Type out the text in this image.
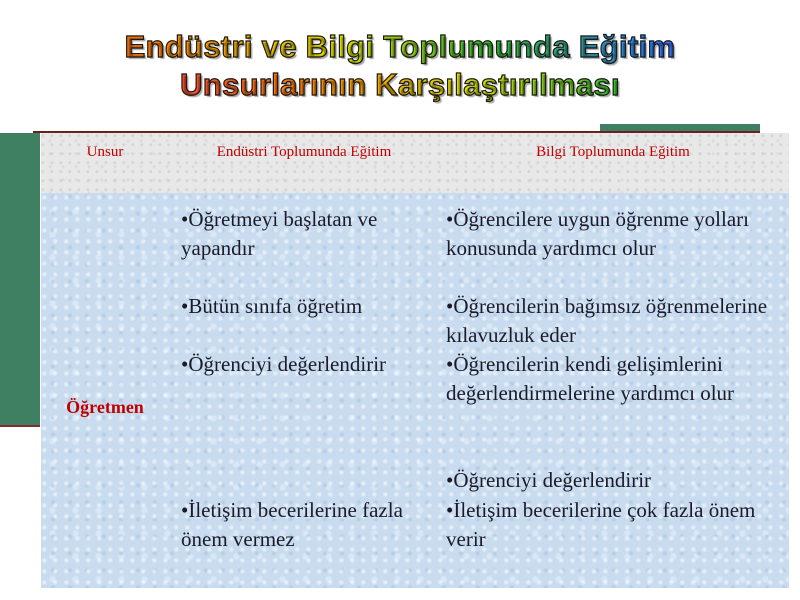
Endüstri ve Bilgi Toplumunda Eğitim
Unsurlarının Karşılaştırılması
Unsur	Endüstri Toplumunda Eğitim	Bilgi Toplumunda Eğitim
Öğretmen

•Öğretmeyi başlatan ve yapandır

•Bütün sınıfa öğretim

•Öğrenciyi değerlendirir

•İletişim becerilerine fazla önem vermez

•Öğrencilere uygun öğrenme yolları konusunda yardımcı olur

•Öğrencilerin bağımsız öğrenmelerine kılavuzluk eder

•Öğrencilerin kendi gelişimlerini değerlendirmelerine yardımcı olur

•Öğrenciyi değerlendirir

•İletişim becerilerine çok fazla önem verir
